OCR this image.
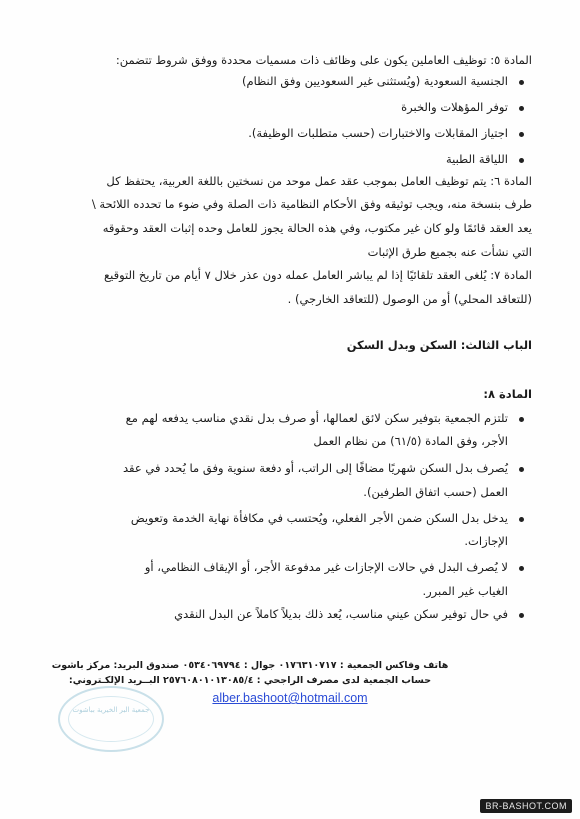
المادة ٥: توظيف العاملين يكون على وظائف ذات مسميات محددة ووفق شروط تتضمن:
الجنسية السعودية (ويُستثنى غير السعوديين وفق النظام)
توفر المؤهلات والخبرة
اجتياز المقابلات والاختبارات (حسب متطلبات الوظيفة).
اللياقة الطبية
المادة ٦: يتم توظيف العامل بموجب عقد عمل موحد من نسختين باللغة العربية، يحتفظ كل
طرف بنسخة منه، ويجب توثيقه وفق الأحكام النظامية ذات الصلة وفي ضوء ما تحدده اللائحة \
يعد العقد قائمًا ولو كان غير مكتوب، وفي هذه الحالة يجوز للعامل وحده إثبات العقد وحقوقه
التي نشأت عنه بجميع طرق الإثبات
المادة ٧: يُلغى العقد تلقائيًا إذا لم يباشر العامل عمله دون عذر خلال ٧ أيام من تاريخ التوقيع
(للتعاقد المحلي) أو من الوصول (للتعاقد الخارجي) .
الباب الثالث: السكن وبدل السكن
المادة ٨:
تلتزم الجمعية بتوفير سكن لائق لعمالها، أو صرف بدل نقدي مناسب يدفعه لهم مع
الأجر، وفق المادة (٦١/٥) من نظام العمل
يُصرف بدل السكن شهريًا مضافًا إلى الراتب، أو دفعة سنوية وفق ما يُحدد في عقد
العمل (حسب اتفاق الطرفين).
يدخل بدل السكن ضمن الأجر الفعلي، ويُحتسب في مكافأة نهاية الخدمة وتعويض
الإجازات.
لا يُصرف البدل في حالات الإجازات غير مدفوعة الأجر، أو الإيقاف النظامي، أو
الغياب غير المبرر.
في حال توفير سكن عيني مناسب، يُعد ذلك بديلاً كاملاً عن البدل النقدي
جمعية البر الخيرية بباشوت
هاتف وفاكس الجمعية : ٠١٧٦٣١٠٧١٧ جوال : ٠٥٣٤٠٦٩٧٩٤ صندوق البريد: مركز باشوت
حساب الجمعية لدى مصرف الراجحي : ٢٥٧٦٠٨٠١٠١٣٠٨٥/٤ البــريد الإلكـتروني:
alber.bashoot@hotmail.com
BR-BASHOT.COM
